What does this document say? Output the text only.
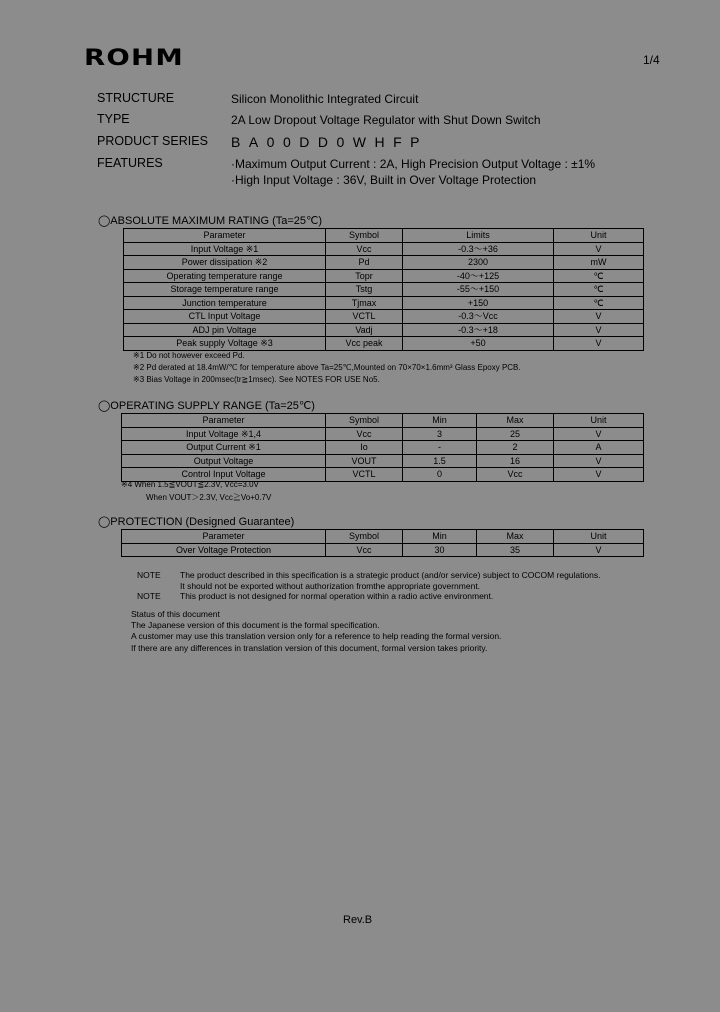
ROHM	1/4
STRUCTURE	Silicon Monolithic Integrated Circuit
TYPE	2A Low Dropout Voltage Regulator with Shut Down Switch
PRODUCT SERIES BA00DD0WHFP
FEATURES	·Maximum Output Current : 2A, High Precision Output Voltage : ±1%
·High Input Voltage : 36V, Built in Over Voltage Protection
◯ABSOLUTE MAXIMUM RATING (Ta=25℃)
Parameter	Symbol	Limits	Unit
Input Voltage ※1	Vcc	-0.3～+36	V
Power dissipation ※2	Pd	2300	mW
Operating temperature range	Topr	-40～+125	℃
Storage temperature range	Tstg	-55～+150	℃
Junction temperature	Tjmax	+150	℃
CTL Input Voltage	VCTL	-0.3～Vcc	V
ADJ pin Voltage	Vadj	-0.3～+18	V
Peak supply Voltage ※3	Vcc peak	+50	V
※1 Do not however exceed Pd.
※2 Pd derated at 18.4mW/℃ for temperature above Ta=25℃,Mounted on 70×70×1.6mm³ Glass Epoxy PCB.
※3 Bias Voltage in 200msec(tr≧1msec). See NOTES FOR USE No5.
◯OPERATING SUPPLY RANGE (Ta=25℃)
Parameter	Symbol	Min	Max	Unit
Input Voltage ※1,4	Vcc	3	25	V
Output Current ※1	Io	-	2	A
Output Voltage	VOUT	1.5	16	V
Control Input Voltage	VCTL	0	Vcc	V
※4 When 1.5≦VOUT≦2.3V, Vcc=3.0V
When VOUT＞2.3V, Vcc≧Vo+0.7V
◯PROTECTION (Designed Guarantee)
Parameter	Symbol	Min	Max	Unit
Over Voltage Protection	Vcc	30	35	V
NOTE The product described in this specification is a strategic product (and/or service) subject to COCOM regulations.
It should not be exported without authorization fromthe appropriate government.
NOTE This product is not designed for normal operation within a radio active environment.
Status of this document
The Japanese version of this document is the formal specification.
A customer may use this translation version only for a reference to help reading the formal version.
If there are any differences in translation version of this document, formal version takes priority.
Rev.B
